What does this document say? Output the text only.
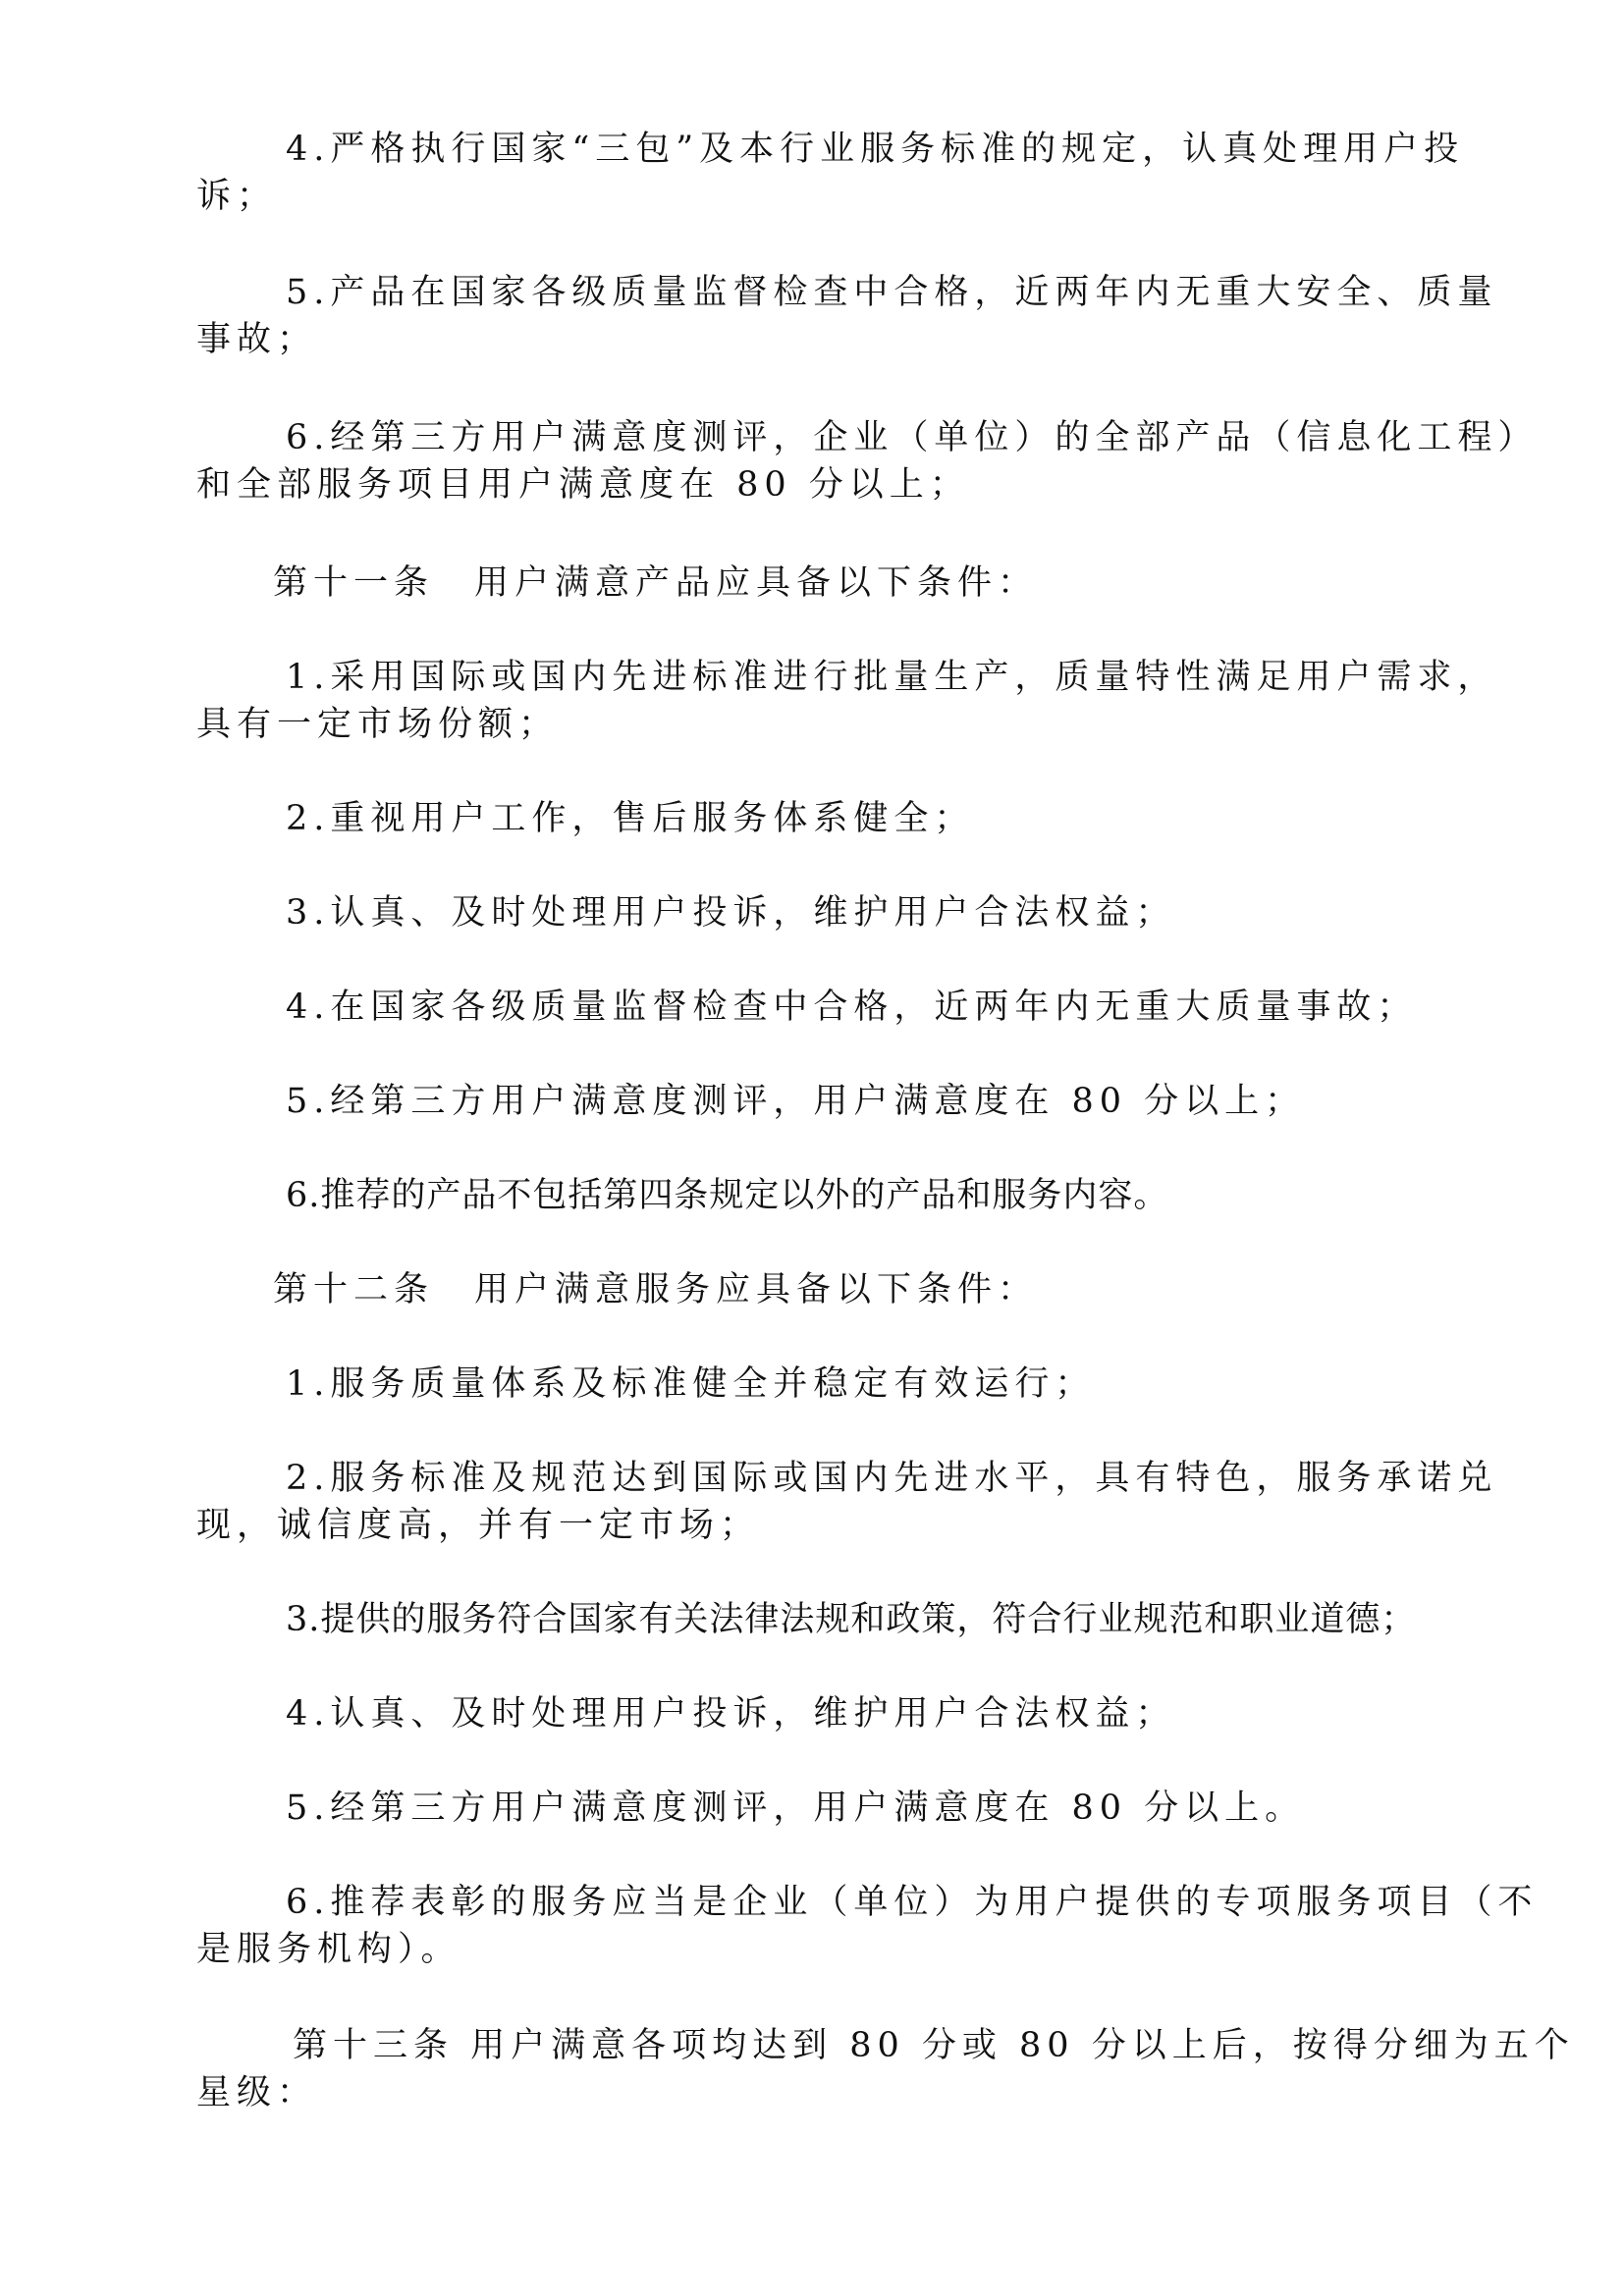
4.严格执行国家“三包”及本行业服务标准的规定，认真处理用户投
诉；

5.产品在国家各级质量监督检查中合格，近两年内无重大安全、质量
事故；

6.经第三方用户满意度测评，企业（单位）的全部产品（信息化工程）
和全部服务项目用户满意度在 80 分以上；

第十一条　用户满意产品应具备以下条件：

1.采用国际或国内先进标准进行批量生产，质量特性满足用户需求，
具有一定市场份额；

2.重视用户工作，售后服务体系健全；

3.认真、及时处理用户投诉，维护用户合法权益；

4.在国家各级质量监督检查中合格，近两年内无重大质量事故；

5.经第三方用户满意度测评，用户满意度在 80 分以上；

6.推荐的产品不包括第四条规定以外的产品和服务内容。

第十二条　用户满意服务应具备以下条件：

1.服务质量体系及标准健全并稳定有效运行；

2.服务标准及规范达到国际或国内先进水平，具有特色，服务承诺兑
现，诚信度高，并有一定市场；

3.提供的服务符合国家有关法律法规和政策，符合行业规范和职业道德；

4.认真、及时处理用户投诉，维护用户合法权益；

5.经第三方用户满意度测评，用户满意度在 80 分以上。

6.推荐表彰的服务应当是企业（单位）为用户提供的专项服务项目（不
是服务机构）。

第十三条 用户满意各项均达到 80 分或 80 分以上后，按得分细为五个
星级：
